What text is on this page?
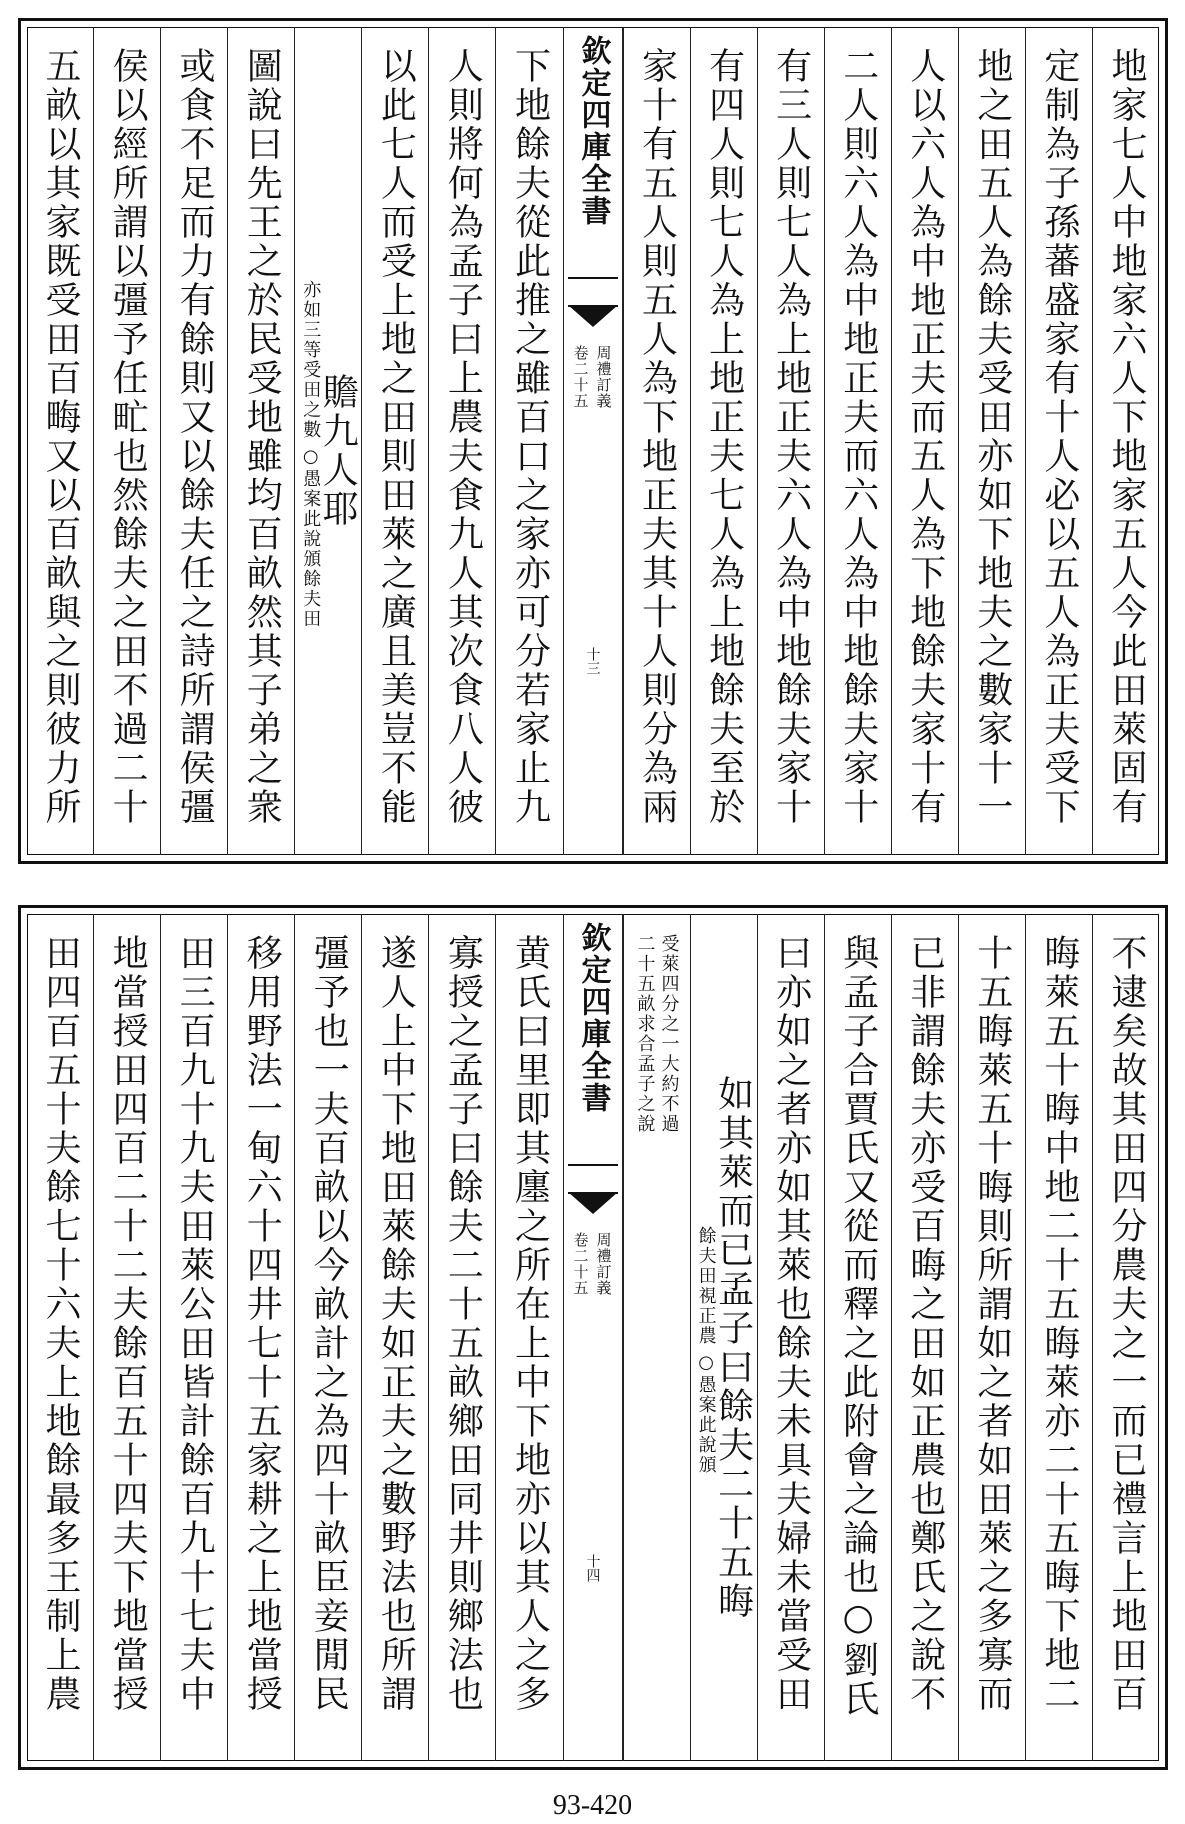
地家七人中地家六人下地家五人今此田萊固有
定制為子孫蕃盛家有十人必以五人為正夫受下
地之田五人為餘夫受田亦如下地夫之數家十一
人以六人為中地正夫而五人為下地餘夫家十有
二人則六人為中地正夫而六人為中地餘夫家十
有三人則七人為上地正夫六人為中地餘夫家十
有四人則七人為上地正夫七人為上地餘夫至於
家十有五人則五人為下地正夫其十人則分為兩
欽定四庫全書
周禮訂義
卷二十五
十三
下地餘夫從此推之雖百口之家亦可分若家止九
人則將何為孟子曰上農夫食九人其次食八人彼
以此七人而受上地之田則田萊之廣且美豈不能
贍九人耶
○愚案此說頒餘夫田
亦如三等受田之數
圖說曰先王之於民受地雖均百畝然其子弟之衆
或食不足而力有餘則又以餘夫任之詩所謂侯彊
侯以經所謂以彊予任甿也然餘夫之田不過二十
五畝以其家既受田百畮又以百畝與之則彼力所
不逮矣故其田四分農夫之一而已禮言上地田百
晦萊五十晦中地二十五晦萊亦二十五晦下地二
十五晦萊五十晦則所謂如之者如田萊之多寡而
已非謂餘夫亦受百晦之田如正農也鄭氏之說不
與孟子合賈氏又從而釋之此附會之論也○劉氏
曰亦如之者亦如其萊也餘夫未具夫婦未當受田
如其萊而已孟子曰餘夫二十五晦
○愚案此說頒
餘夫田視正農
受萊四分之一大約不過
二十五畝求合孟子之說
欽定四庫全書
周禮訂義
卷二十五
十四
黄氏曰里即其廛之所在上中下地亦以其人之多
寡授之孟子曰餘夫二十五畝鄉田同井則鄉法也
遂人上中下地田萊餘夫如正夫之數野法也所謂
彊予也一夫百畝以今畝計之為四十畝臣妾閒民
移用野法一甸六十四井七十五家耕之上地當授
田三百九十九夫田萊公田皆計餘百九十七夫中
地當授田四百二十二夫餘百五十四夫下地當授
田四百五十夫餘七十六夫上地餘最多王制上農
93-420
